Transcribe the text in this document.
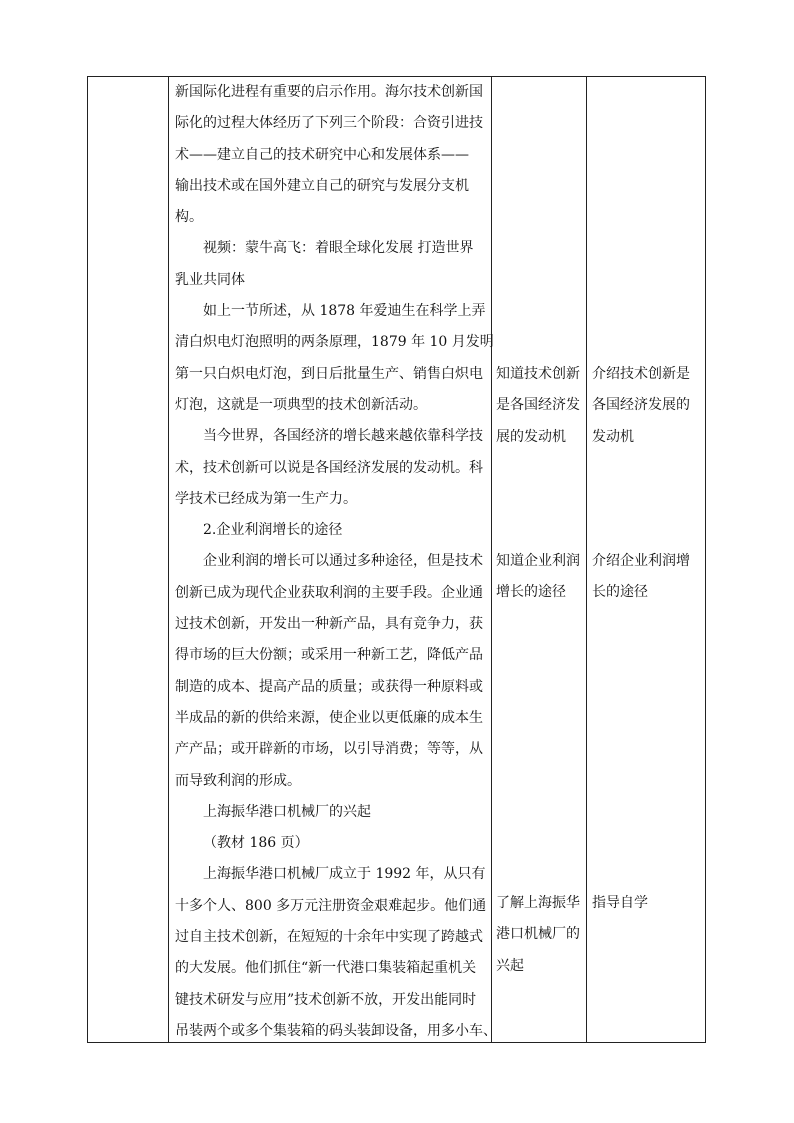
新国际化进程有重要的启示作用。海尔技术创新国

际化的过程大体经历了下列三个阶段：合资引进技

术——建立自己的技术研究中心和发展体系——

输出技术或在国外建立自己的研究与发展分支机

构。

视频：蒙牛高飞：着眼全球化发展 打造世界

乳业共同体

如上一节所述，从 1878 年爱迪生在科学上弄

清白炽电灯泡照明的两条原理，1879 年 10 月发明

第一只白炽电灯泡，到日后批量生产、销售白炽电

灯泡，这就是一项典型的技术创新活动。

当今世界，各国经济的增长越来越依靠科学技

术，技术创新可以说是各国经济发展的发动机。科

学技术已经成为第一生产力。

2.企业利润增长的途径

企业利润的增长可以通过多种途径，但是技术

创新已成为现代企业获取利润的主要手段。企业通

过技术创新，开发出一种新产品，具有竞争力，获

得市场的巨大份额；或采用一种新工艺，降低产品

制造的成本、提高产品的质量；或获得一种原料或

半成品的新的供给来源，使企业以更低廉的成本生

产产品；或开辟新的市场，以引导消费；等等，从

而导致利润的形成。

上海振华港口机械厂的兴起

（教材 186 页）

上海振华港口机械厂成立于 1992 年，从只有

十多个人、800 多万元注册资金艰难起步。他们通

过自主技术创新，在短短的十余年中实现了跨越式

的大发展。他们抓住“新一代港口集装箱起重机关

键技术研发与应用”技术创新不放，开发出能同时

吊装两个或多个集装箱的码头装卸设备，用多小车、

知道技术创新
是各国经济发
展的发动机
知道企业利润
增长的途径
了解上海振华
港口机械厂的
兴起
介绍技术创新是
各国经济发展的
发动机
介绍企业利润增
长的途径
指导自学
